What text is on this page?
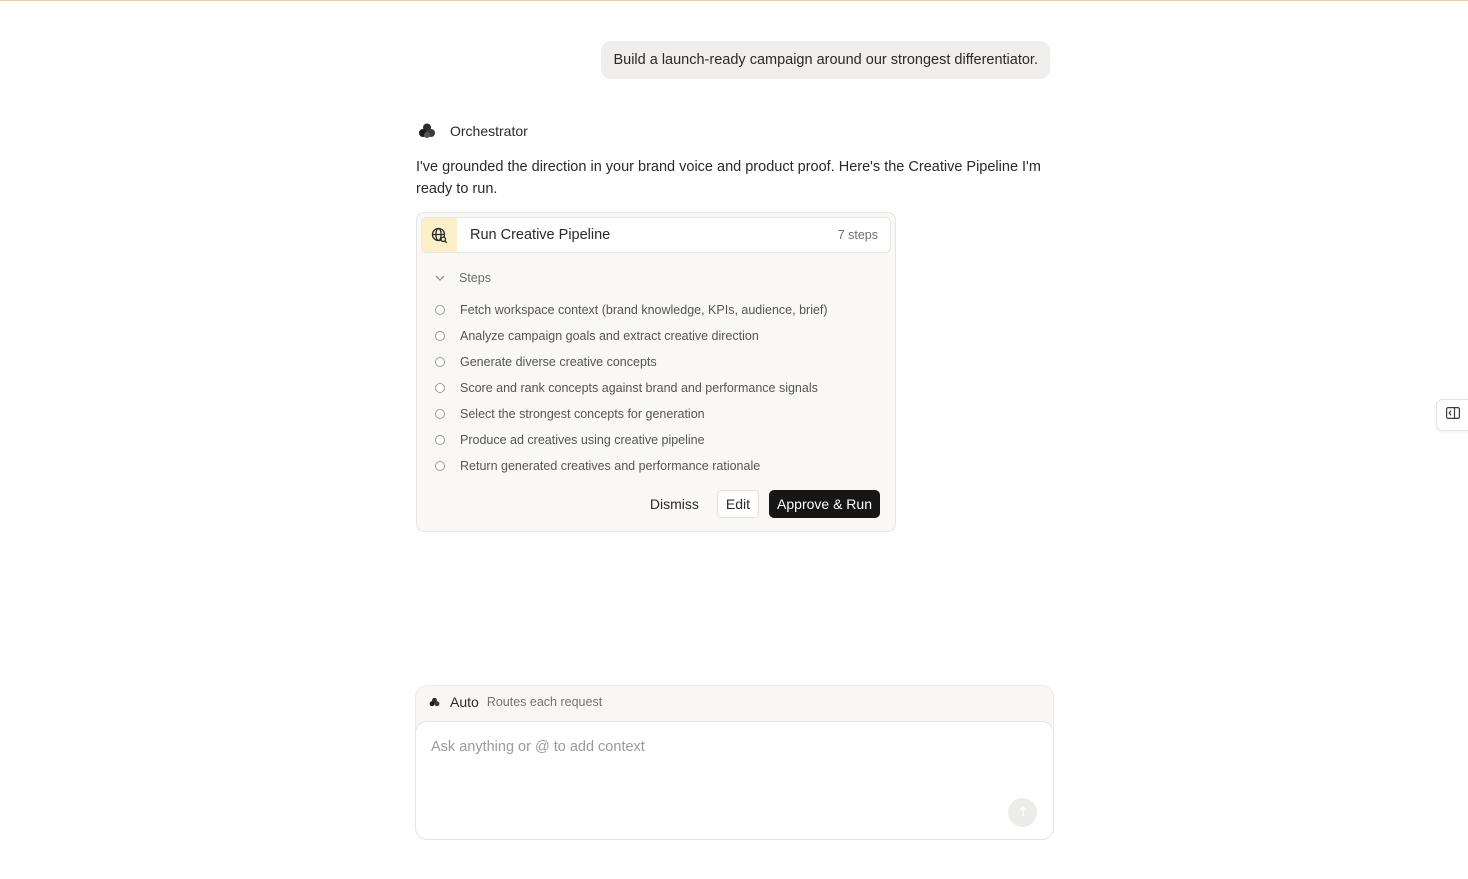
Build a launch-ready campaign around our strongest differentiator.
Orchestrator

I've grounded the direction in your brand voice and product proof. Here's the Creative Pipeline I'm ready to run.

Run Creative Pipeline	7 steps
Steps
Fetch workspace context (brand knowledge, KPIs, audience, brief)
Analyze campaign goals and extract creative direction
Generate diverse creative concepts
Score and rank concepts against brand and performance signals
Select the strongest concepts for generation
Produce ad creatives using creative pipeline
Return generated creatives and performance rationale
Dismiss	Edit	Approve & Run
Auto Routes each request
Ask anything or @ to add context
